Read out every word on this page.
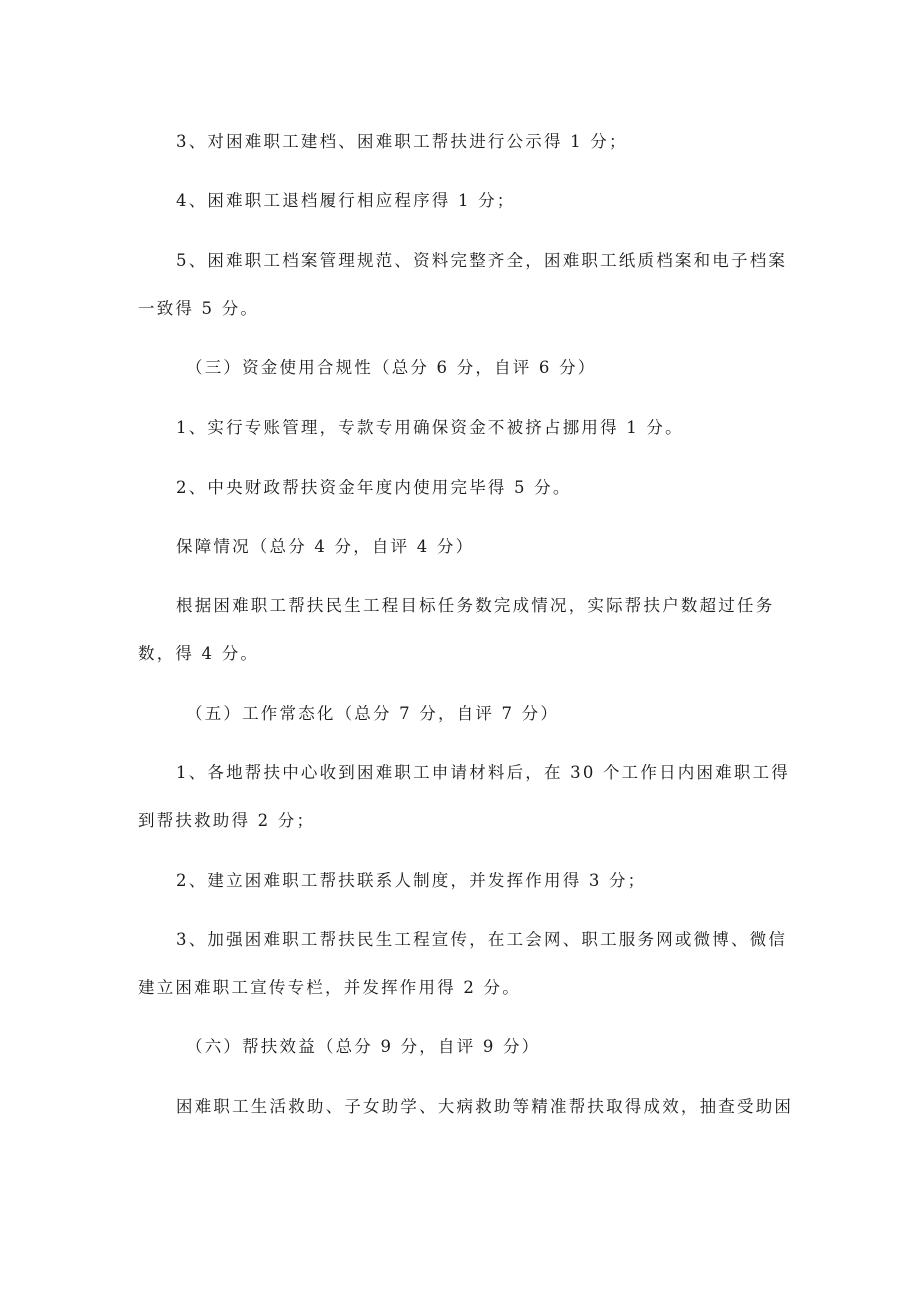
3、对困难职工建档、困难职工帮扶进行公示得 1 分；
4、困难职工退档履行相应程序得 1 分；
5、困难职工档案管理规范、资料完整齐全，困难职工纸质档案和电子档案
一致得 5 分。
（三）资金使用合规性（总分 6 分，自评 6 分）
1、实行专账管理，专款专用确保资金不被挤占挪用得 1 分。
2、中央财政帮扶资金年度内使用完毕得 5 分。
保障情况（总分 4 分，自评 4 分）
根据困难职工帮扶民生工程目标任务数完成情况，实际帮扶户数超过任务
数，得 4 分。
（五）工作常态化（总分 7 分，自评 7 分）
1、各地帮扶中心收到困难职工申请材料后，在 30 个工作日内困难职工得
到帮扶救助得 2 分；
2、建立困难职工帮扶联系人制度，并发挥作用得 3 分；
3、加强困难职工帮扶民生工程宣传，在工会网、职工服务网或微博、微信
建立困难职工宣传专栏，并发挥作用得 2 分。
（六）帮扶效益（总分 9 分，自评 9 分）
困难职工生活救助、子女助学、大病救助等精准帮扶取得成效，抽查受助困
